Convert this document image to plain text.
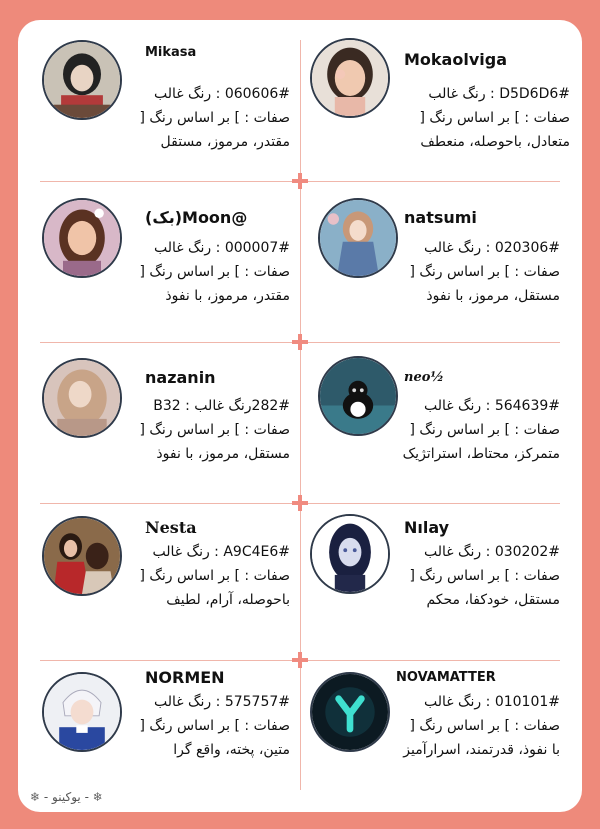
Mikasa
060606# : رنگ غالب
صفات : ] بر اساس رنگ [
مقتدر، مرموز، مستقل
Mokaolviga
D5D6D6# : رنگ غالب
صفات : ] بر اساس رنگ [
متعادل، باحوصله، منعطف
(بک)Moon@
000007# : رنگ غالب
صفات : ] بر اساس رنگ [
مقتدر، مرموز، با نفوذ
natsumi
020306# : رنگ غالب
صفات : ] بر اساس رنگ [
مستقل، مرموز، با نفوذ
nazanin
282#رنگ غالب : B32
صفات : ] بر اساس رنگ [
مستقل، مرموز، با نفوذ
neo½
564639# : رنگ غالب
صفات : ] بر اساس رنگ [
متمرکز، محتاط، استراتژیک
Nesta
A9C4E6# : رنگ غالب
صفات : ] بر اساس رنگ [
باحوصله، آرام، لطیف
Nılay
030202# : رنگ غالب
صفات : ] بر اساس رنگ [
مستقل، خودکفا، محکم
NORMEN
575757# : رنگ غالب
صفات : ] بر اساس رنگ [
متین، پخته، واقع گرا
NOVAMATTER
010101# : رنگ غالب
صفات : ] بر اساس رنگ [
با نفوذ، قدرتمند، اسرارآمیز
❄ - یوکینو - ❄
